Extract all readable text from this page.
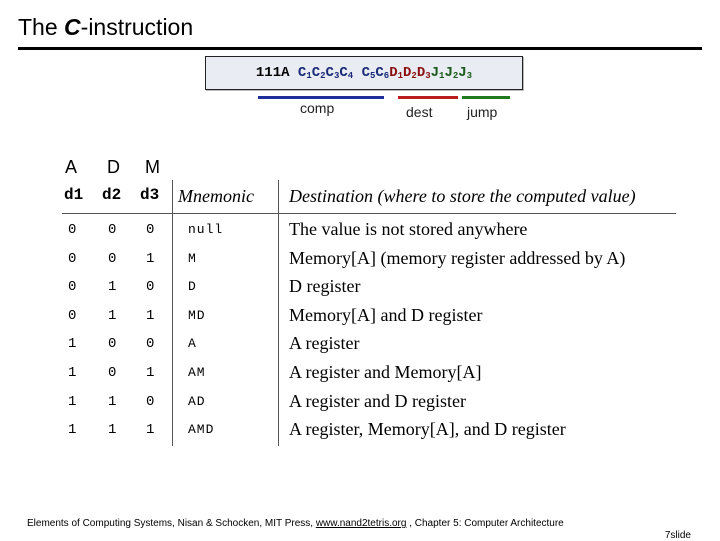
The C-instruction
111A $C_1C_2C_3C_4$ $C_5C_6$ $D_1D_2$ $D_3$ $J_1J_2J_3$
comp	dest jump
A D M
d1 d2 d3 Mnemonic Destination (where to store the computed value)
0 0 0	null	The value is not stored anywhere
0 0 1	M	Memory[A] (memory register addressed by A)
0 1 0	D	D register
0 1 1	MD	Memory[A] and D register
1 0 0	A	A register
1 0 1	AM	A register and Memory[A]
1 1 0	AD	A register and D register
1 1 1	AMD	A register, Memory[A], and D register
Elements of Computing Systems, Nisan & Schocken, MIT Press, www.nand2tetris.org , Chapter 5: Computer Architecture
7slide
